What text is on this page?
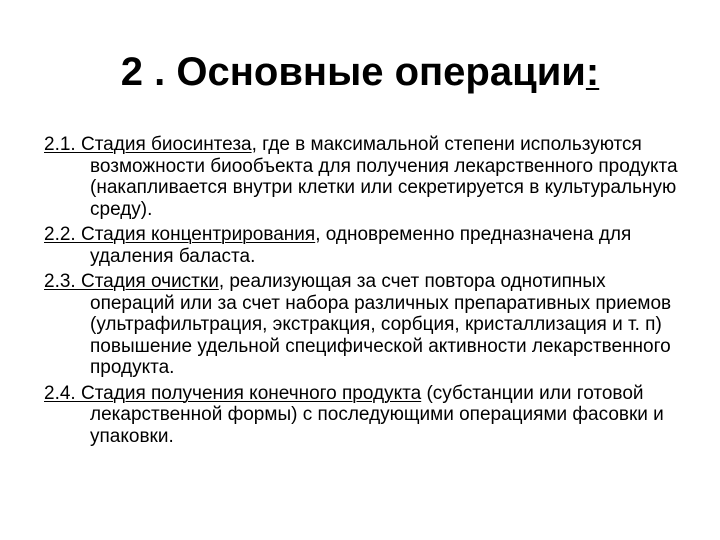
2 . Основные операции:

2.1. Стадия биосинтеза, где в максимальной степени используются возможности биообъекта для получения лекарственного продукта (накапливается внутри клетки или секретируется в культуральную среду).

2.2. Стадия концентрирования, одновременно предназначена для удаления баласта.

2.3. Стадия очистки, реализующая за счет повтора однотипных операций или за счет набора различных препаративных приемов (ультрафильтрация, экстракция, сорбция, кристаллизация и т. п) повышение удельной специфической активности лекарственного продукта.

2.4. Стадия получения конечного продукта (субстанции или готовой лекарственной формы) с последующими операциями фасовки и упаковки.
